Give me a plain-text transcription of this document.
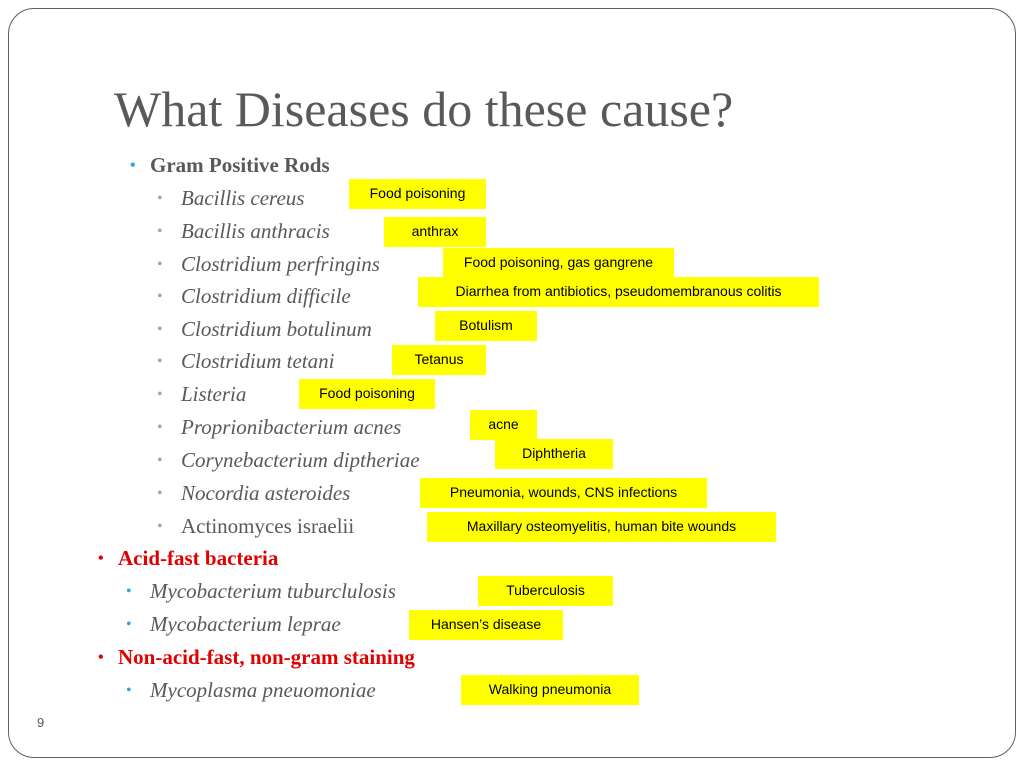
What Diseases do these cause?
• Gram Positive Rods
• Bacillis cereus	Food poisoning
• Bacillis anthracis	anthrax
• Clostridium perfringins	Food poisoning, gas gangrene
• Clostridium difficile	Diarrhea from antibiotics, pseudomembranous colitis
• Clostridium botulinum	Botulism
• Clostridium tetani	Tetanus
• Listeria	Food poisoning
• Proprionibacterium acnes	acne
• Corynebacterium diptheriae	Diphtheria
• Nocordia asteroides	Pneumonia, wounds, CNS infections
• Actinomyces israelii	Maxillary osteomyelitis, human bite wounds
• Acid-fast bacteria
• Mycobacterium tuburclulosis	Tuberculosis
• Mycobacterium leprae	Hansen’s disease
• Non-acid-fast, non-gram staining
• Mycoplasma pneuomoniae	Walking pneumonia
9
